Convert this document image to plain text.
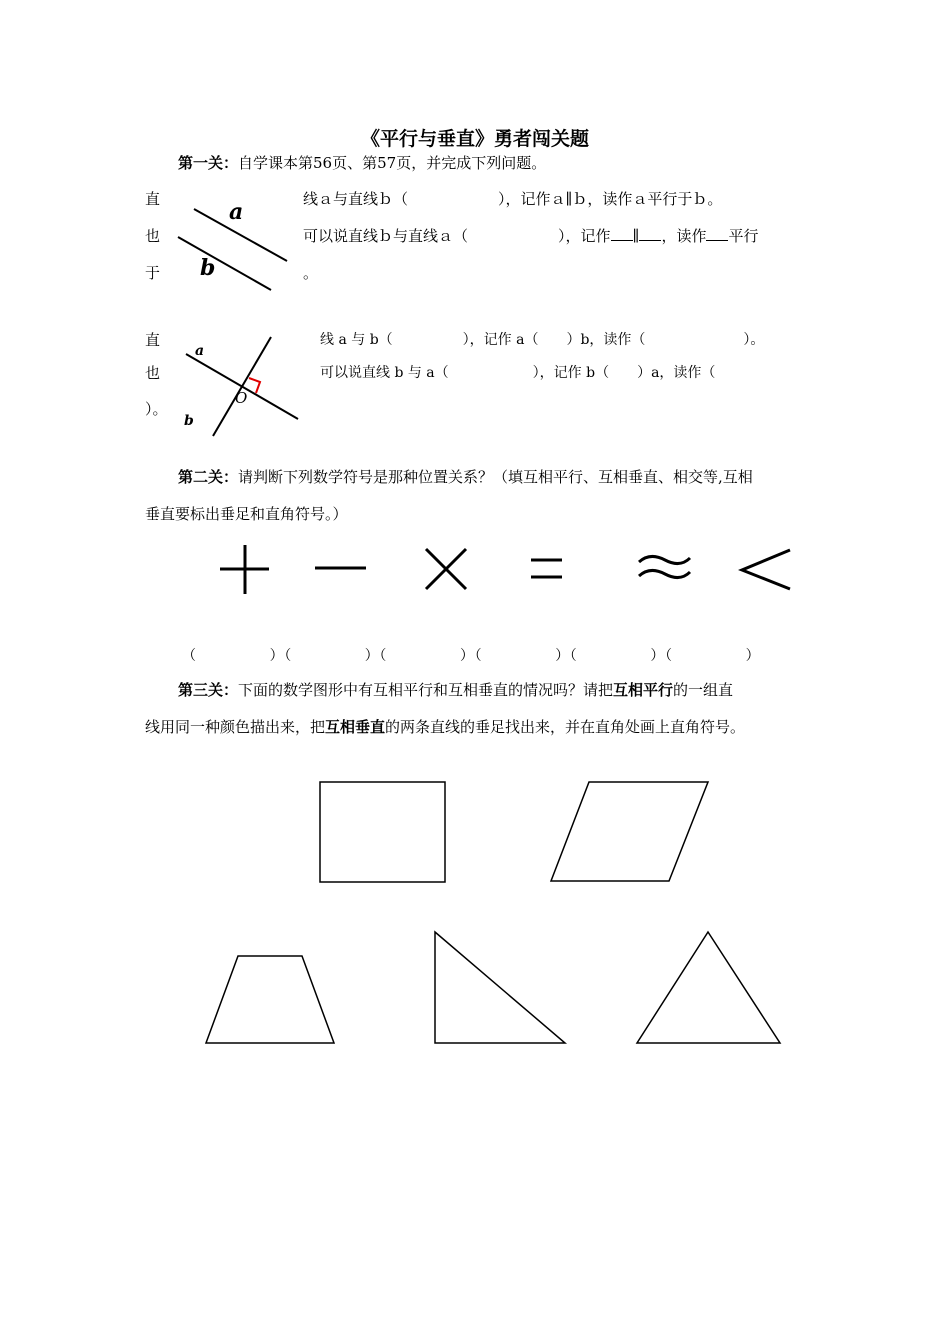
《平行与垂直》勇者闯关题
第一关：自学课本第56页、第57页，并完成下列问题。
直
也
于
a
b
线ａ与直线ｂ（　　　　　　），记作ａ∥ｂ，读作ａ平行于ｂ。
可以说直线ｂ与直线ａ（　　　　　　），记作 ∥ ，读作 平行
。
直
也
）。
a
b
O
线 a 与 b（　　　　　），记作 a（　　）b，读作（　　　　　　　）。
可以说直线 b 与 a（　　　　　　），记作 b（　　）a，读作（
第二关：请判断下列数学符号是那种位置关系？（填互相平行、互相垂直、相交等,互相
垂直要标出垂足和直角符号。）
（　　　　　）（　　　　　）（　　　　　）（　　　　　）（　　　　　）（　　　　　）
第三关：下面的数学图形中有互相平行和互相垂直的情况吗？请把互相平行的一组直
线用同一种颜色描出来，把互相垂直的两条直线的垂足找出来，并在直角处画上直角符号。
